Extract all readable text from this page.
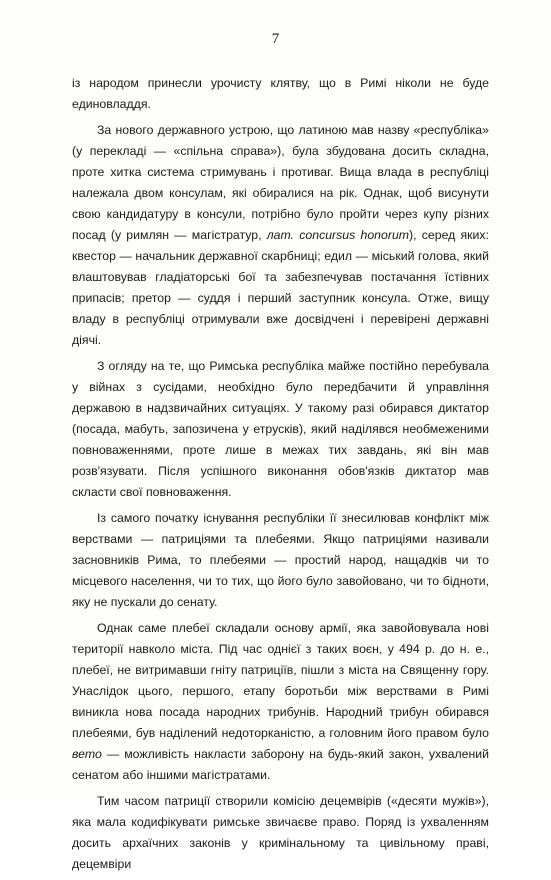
7

із народом принесли урочисту клятву, що в Римі ніколи не буде единовладдя.

За нового державного устрою, що латиною мав назву «республіка» (у перекладі — «спільна справа»), була збудована досить складна, проте хитка система стримувань і противаг. Вища влада в республіці належала двом консулам, які обиралися на рік. Однак, щоб висунути свою кандидатуру в консули, потрібно було пройти через купу різних посад (у римлян — магістратур, лат. concursus honorum), серед яких: квестор — начальник державної скарбниці; едил — міський голова, який влаштовував гладіаторські бої та забезпечував постачання їстівних припасів; претор — суддя і перший заступник консула. Отже, вищу владу в республіці отримували вже досвідчені і перевірені державні діячі.

З огляду на те, що Римська республіка майже постійно перебувала у війнах з сусідами, необхідно було передбачити й управління державою в надзвичайних ситуаціях. У такому разі обирався диктатор (посада, мабуть, запозичена у етрусків), який наділявся необмеженими повноваженнями, проте лише в межах тих завдань, які він мав розв'язувати. Після успішного виконання обов'язків диктатор мав скласти свої повноваження.

Із самого початку існування республіки її знесилював конфлікт між верствами — патриціями та плебеями. Якщо патриціями називали засновників Рима, то плебеями — простий народ, нащадків чи то місцевого населення, чи то тих, що його було завойовано, чи то бідноти, яку не пускали до сенату.

Однак саме плебеї складали основу армії, яка завойовувала нові території навколо міста. Під час однієї з таких воєн, у 494 р. до н. е., плебеї, не витримавши гніту патриціїв, пішли з міста на Священну гору. Унаслідок цього, першого, етапу боротьби між верствами в Римі виникла нова посада народних трибунів. Народний трибун обирався плебеями, був наділений недоторканістю, а головним його правом було вето — можливість накласти заборону на будь-який закон, ухвалений сенатом або іншими магістратами.

Тим часом патриції створили комісію децемвірів («десяти мужів»), яка мала кодифікувати римське звичаєве право. Поряд із ухваленням досить архаїчних законів у кримінальному та цивільному праві, децемвіри
